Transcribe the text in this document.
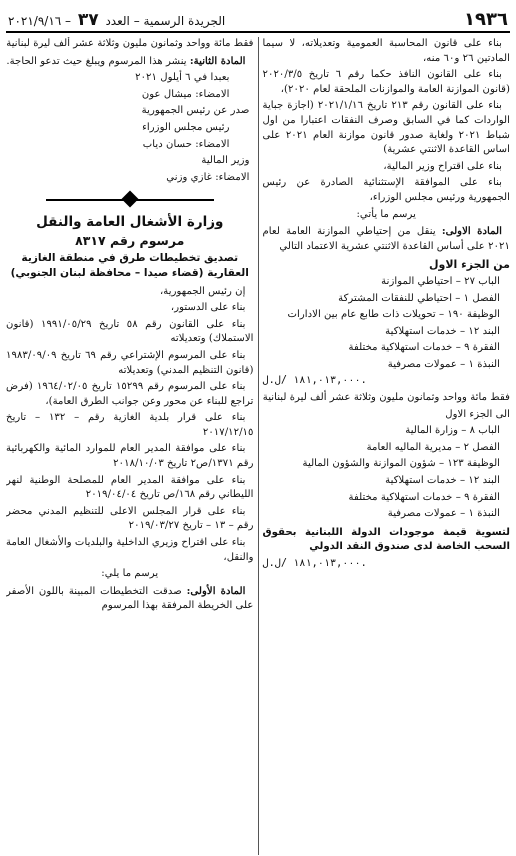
١٩٣٦
الجريدة الرسمية – العدد ٣٧ – ٢٠٢١/٩/١٦

بناء على قانون المحاسبة العمومية وتعديلاته، لا سيما المادتين ٢٦ و٦٠ منه،

بناء على القانون النافذ حكما رقم ٦ تاريخ ٢٠٢٠/٣/٥ (قانون الموازنة العامة والموازنات الملحقة لعام ٢٠٢٠)،

بناء على القانون رقم ٢١٣ تاريخ ٢٠٢١/١/١٦ (اجازة جباية الواردات كما في السابق وصرف النفقات اعتبارا من اول شباط ٢٠٢١ ولغاية صدور قانون موازنة العام ٢٠٢١ على اساس القاعدة الاثنتي عشرية)

بناء على اقتراح وزير المالية،

بناء على الموافقة الإستثنائية الصادرة عن رئيس الجمهورية ورئيس مجلس الوزراء،

يرسم ما يأتي:

المادة الاولى: ينقل من إحتياطي الموازنة العامة لعام ٢٠٢١ على أساس القاعدة الاثنتي عشرية الاعتماد التالي

من الجزء الاول

الباب ٢٧ – احتياطي الموازنة

الفصل ١ – احتياطي للنفقات المشتركة

الوظيفة ١٩٠ – تحويلات ذات طابع عام بين الادارات

البند ١٢ – خدمات استهلاكية

الفقرة ٩ – خدمات استهلاكية مختلفة

النبذة ١ – عمولات مصرفية

١٨١,٠١٣,٠٠٠ /ل.ل.

فقط مائة وواحد وثمانون مليون وثلاثة عشر ألف ليرة لبنانية

الى الجزء الاول

الباب ٨ – وزارة المالية

الفصل ٢ – مديرية الماليه العامة

الوظيفة ١٢٣ – شؤون الموازنة والشؤون المالية

البند ١٢ – خدمات استهلاكية

الفقرة ٩ – خدمات استهلاكية مختلفة

النبذة ١ – عمولات مصرفية

لتسوية قيمة موجودات الدولة اللبنانية بحقوق السحب الخاصة لدى صندوق النقد الدولي

١٨١,٠١٣,٠٠٠ /ل.ل.

فقط مائة وواحد وثمانون مليون وثلاثة عشر ألف ليرة لبنانية

المادة الثانية: ينشر هذا المرسوم ويبلغ حيث تدعو الحاجة.

بعبدا في ٦ أيلول ٢٠٢١

الامضاء: ميشال عون

صدر عن رئيس الجمهورية

رئيس مجلس الوزراء

الامضاء: حسان دياب

وزير المالية

الامضاء: غازي وزني

وزارة الأشغال العامة والنقل
مرسوم رقم ٨٣١٧
تصديق تخطيطات طرق في منطقة الغازية العقارية (قضاء صيدا – محافظة لبنان الجنوبي)

إن رئيس الجمهورية،

بناء على الدستور،

بناء على القانون رقم ٥٨ تاريخ ١٩٩١/٠٥/٢٩ (قانون الاستملاك) وتعديلاته

بناء على المرسوم الإشتراعي رقم ٦٩ تاريخ ١٩٨٣/٠٩/٠٩ (قانون التنظيم المدني) وتعديلاته

بناء على المرسوم رقم ١٥٢٩٩ تاريخ ١٩٦٤/٠٢/٠٥ (فرض تراجع للبناء عن محور وعن جوانب الطرق العامة)،

بناء على قرار بلدية الغازية رقم – ١٣٢ – تاريخ ٢٠١٧/١٢/١٥

بناء على موافقة المدير العام للموارد المائية والكهربائية رقم ١٣٧١/ص٢ تاريخ ٢٠١٨/١٠/٠٣

بناء على موافقة المدير العام للمصلحة الوطنية لنهر الليطاني رقم ١٦٨/ص تاريخ ٢٠١٩/٠٤/٠٤

بناء على قرار المجلس الاعلى للتنظيم المدني محضر رقم – ١٣ – تاريخ ٢٠١٩/٠٣/٢٧

بناء على اقتراح وزيري الداخلية والبلديات والأشغال العامة والنقل،

يرسم ما يلي:

المادة الأولى: صدقت التخطيطات المبينة باللون الأصفر على الخريطة المرفقة بهذا المرسوم
